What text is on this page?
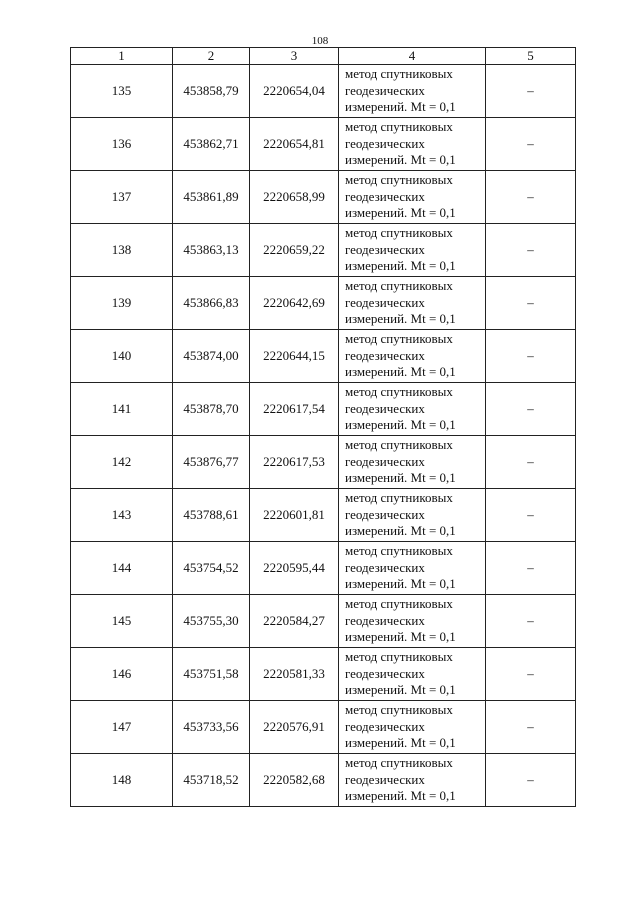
108
1	2	3	4	5
135	453858,79	2220654,04	метод спутниковых
геодезических
измерений. Mt = 0,1	–
136	453862,71	2220654,81	метод спутниковых
геодезических
измерений. Mt = 0,1	–
137	453861,89	2220658,99	метод спутниковых
геодезических
измерений. Mt = 0,1	–
138	453863,13	2220659,22	метод спутниковых
геодезических
измерений. Mt = 0,1	–
139	453866,83	2220642,69	метод спутниковых
геодезических
измерений. Mt = 0,1	–
140	453874,00	2220644,15	метод спутниковых
геодезических
измерений. Mt = 0,1	–
141	453878,70	2220617,54	метод спутниковых
геодезических
измерений. Mt = 0,1	–
142	453876,77	2220617,53	метод спутниковых
геодезических
измерений. Mt = 0,1	–
143	453788,61	2220601,81	метод спутниковых
геодезических
измерений. Mt = 0,1	–
144	453754,52	2220595,44	метод спутниковых
геодезических
измерений. Mt = 0,1	–
145	453755,30	2220584,27	метод спутниковых
геодезических
измерений. Mt = 0,1	–
146	453751,58	2220581,33	метод спутниковых
геодезических
измерений. Mt = 0,1	–
147	453733,56	2220576,91	метод спутниковых
геодезических
измерений. Mt = 0,1	–
148	453718,52	2220582,68	метод спутниковых
геодезических
измерений. Mt = 0,1	–
